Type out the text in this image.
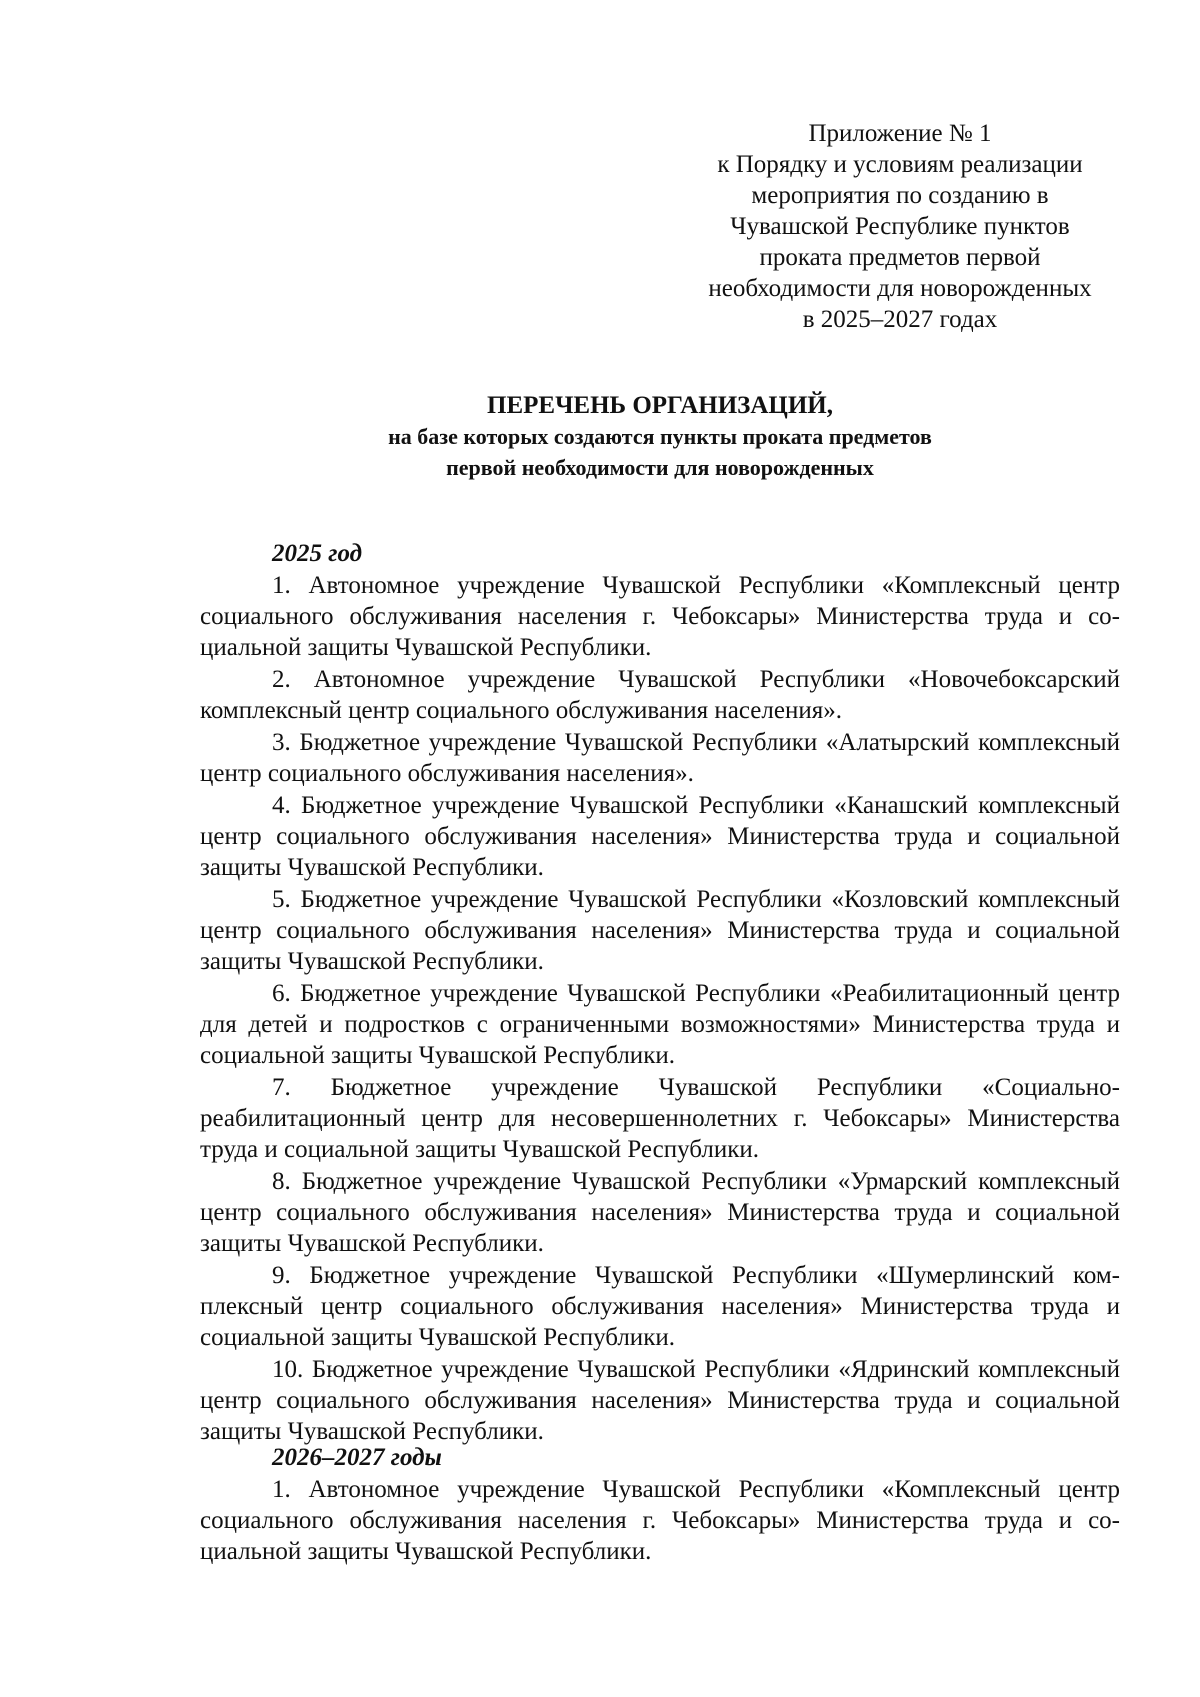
Приложение № 1
к Порядку и условиям реализации
мероприятия по созданию в
Чувашской Республике пунктов
проката предметов первой
необходимости для новорожденных
в 2025–2027 годах
ПЕРЕЧЕНЬ ОРГАНИЗАЦИЙ,
на базе которых создаются пункты проката предметов
первой необходимости для новорожденных
2025 год

1. Автономное учреждение Чувашской Республики «Комплексный центр социального обслуживания населения г. Чебоксары» Министерства труда и социальной защиты Чувашской Республики.

2. Автономное учреждение Чувашской Республики «Новочебоксарский комплексный центр социального обслуживания населения».

3. Бюджетное учреждение Чувашской Республики «Алатырский комплексный центр социального обслуживания населения».

4. Бюджетное учреждение Чувашской Республики «Канашский комплексный центр социального обслуживания населения» Министерства труда и социальной защиты Чувашской Республики.

5. Бюджетное учреждение Чувашской Республики «Козловский комплексный центр социального обслуживания населения» Министерства труда и социальной защиты Чувашской Республики.

6. Бюджетное учреждение Чувашской Республики «Реабилитационный центр для детей и подростков с ограниченными возможностями» Министерства труда и социальной защиты Чувашской Республики.

7. Бюджетное учреждение Чувашской Республики «Социально-реабилитационный центр для несовершеннолетних г. Чебоксары» Министерства труда и социальной защиты Чувашской Республики.

8. Бюджетное учреждение Чувашской Республики «Урмарский комплексный центр социального обслуживания населения» Министерства труда и социальной защиты Чувашской Республики.

9. Бюджетное учреждение Чувашской Республики «Шумерлинский комплексный центр социального обслуживания населения» Министерства труда и социальной защиты Чувашской Республики.

10. Бюджетное учреждение Чувашской Республики «Ядринский комплексный центр социального обслуживания населения» Министерства труда и социальной защиты Чувашской Республики.

2026–2027 годы

1. Автономное учреждение Чувашской Республики «Комплексный центр социального обслуживания населения г. Чебоксары» Министерства труда и социальной защиты Чувашской Республики.
